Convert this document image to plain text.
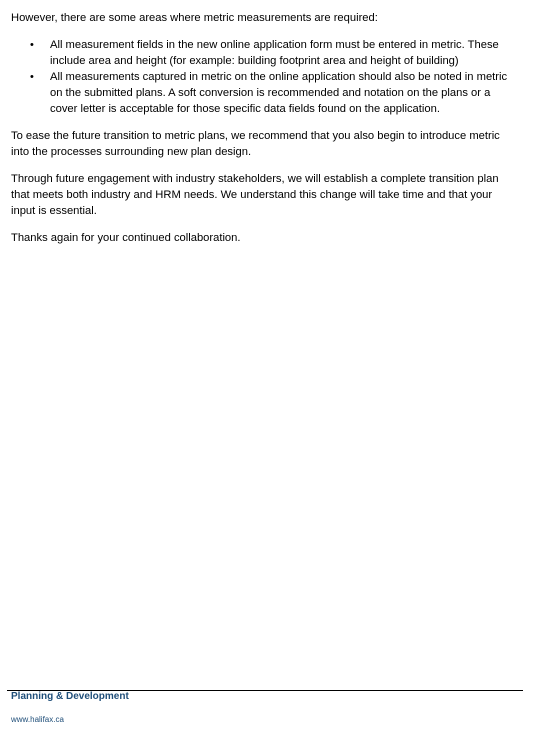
However, there are some areas where metric measurements are required:

• All measurement fields in the new online application form must be entered in metric. These include area and height (for example: building footprint area and height of building)
• All measurements captured in metric on the online application should also be noted in metric on the submitted plans. A soft conversion is recommended and notation on the plans or a cover letter is acceptable for those specific data fields found on the application.

To ease the future transition to metric plans, we recommend that you also begin to introduce metric into the processes surrounding new plan design.

Through future engagement with industry stakeholders, we will establish a complete transition plan that meets both industry and HRM needs. We understand this change will take time and that your input is essential.

Thanks again for your continued collaboration.

Planning & Development
www.halifax.ca
